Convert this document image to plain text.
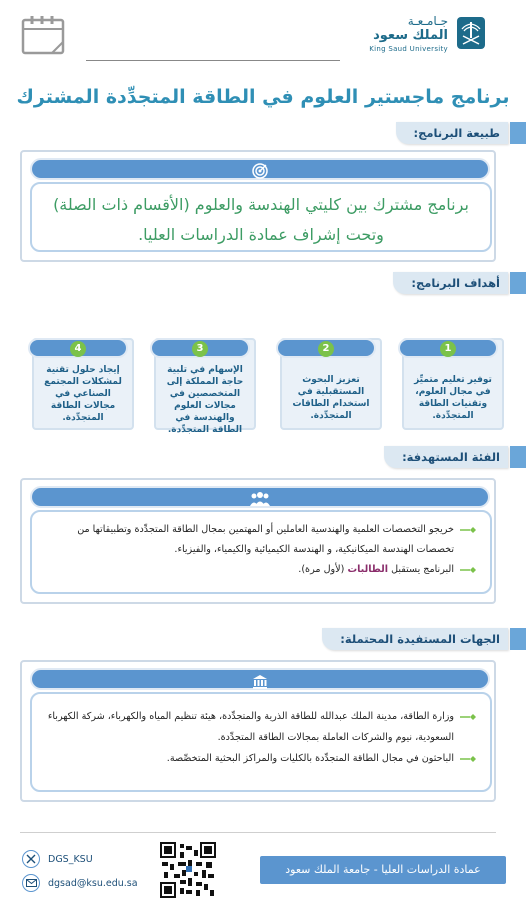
جـامـعـة
الملك سعود
King Saud University
برنامج ماجستير العلوم في الطاقة المتجدِّدة المشترك
طبيعة البرنامج:
برنامج مشترك بين كليتي الهندسة والعلوم (الأقسام ذات الصلة) وتحت إشراف عمادة الدراسات العليا.
أهداف البرنامج:
توفير تعليم متميِّز في مجال العلوم، وتقنيات الطاقة المتجدِّدة.
1
تعزيز البحوث المستقبلية في استخدام الطاقات المتجدِّدة.
2
الإسهام في تلبية حاجة المملكة إلى المتخصصين في مجالات العلوم والهندسة في الطاقة المتجدِّدة.
3
إيجاد حلول تقنية لمشكلات المجتمع الصناعي في مجالات الطاقة المتجدِّدة.
4
الفئة المستهدفة:
خريجو التخصصات العلمية والهندسية العاملين أو المهتمين بمجال الطاقة المتجدِّدة وتطبيقاتها من تخصصات الهندسة الميكانيكية، و الهندسة الكيميائية والكيمياء، والفيزياء.
البرنامج يستقبل الطالبات (لأول مرة).
الجهات المستفيدة المحتملة:
وزارة الطاقة، مدينة الملك عبدالله للطاقة الذرية والمتجدِّدة، هيئة تنظيم المياه والكهرباء، شركة الكهرباء السعودية، نيوم والشركات العاملة بمجالات الطاقة المتجدِّدة.
الباحثون في مجال الطاقة المتجدِّدة بالكليات والمراكز البحثية المتخصِّصة.
DGS_KSU
dgsad@ksu.edu.sa
عمادة الدراسات العليا - جامعة الملك سعود
